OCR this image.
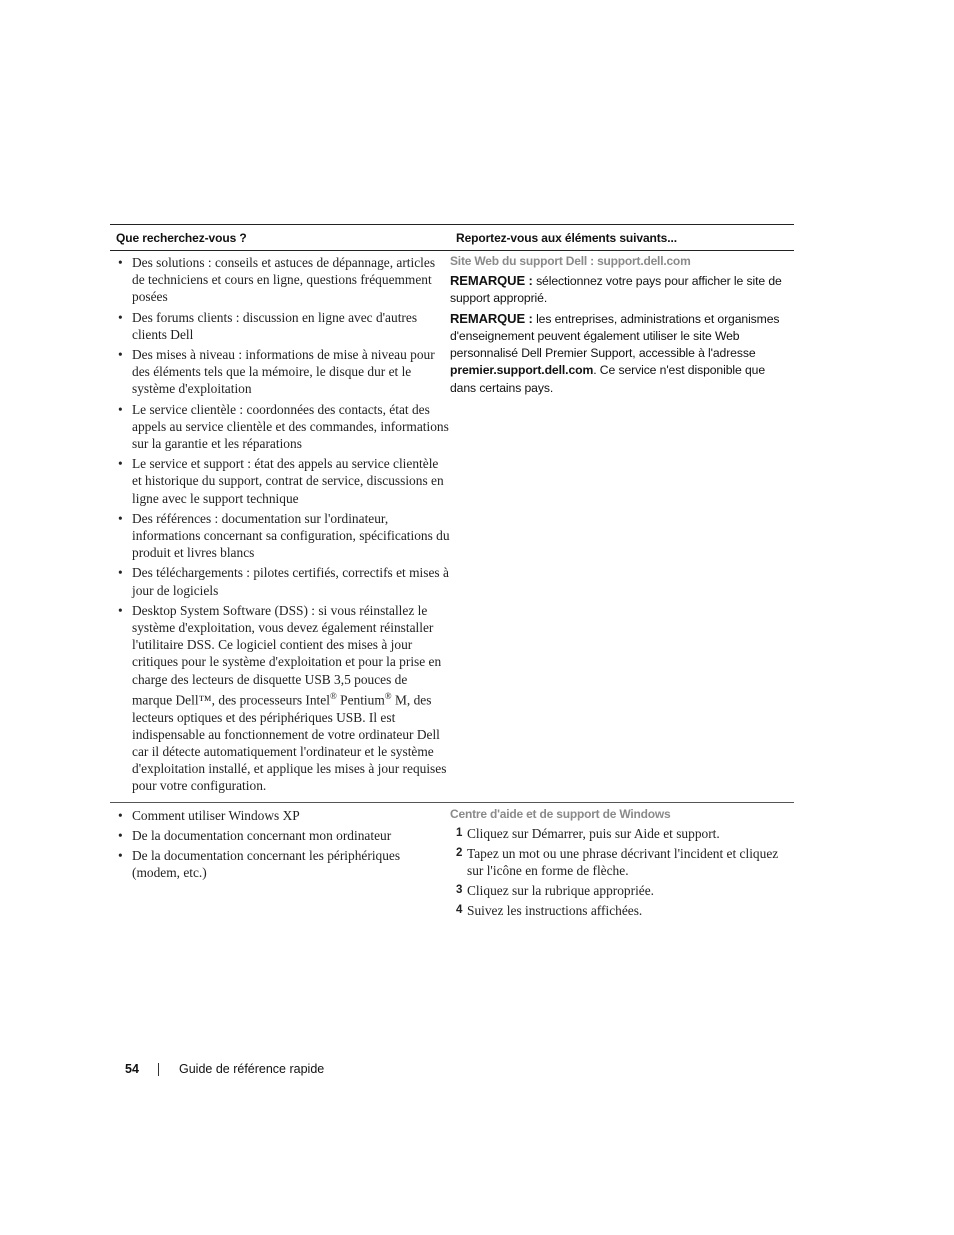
Que recherchez-vous ?	Reportez-vous aux éléments suivants...
• Des solutions : conseils et astuces de dépannage, articles de techniciens et cours en ligne, questions fréquemment posées
• Des forums clients : discussion en ligne avec d'autres clients Dell
• Des mises à niveau : informations de mise à niveau pour des éléments tels que la mémoire, le disque dur et le système d'exploitation
• Le service clientèle : coordonnées des contacts, état des appels au service clientèle et des commandes, informations sur la garantie et les réparations
• Le service et support : état des appels au service clientèle et historique du support, contrat de service, discussions en ligne avec le support technique
• Des références : documentation sur l'ordinateur, informations concernant sa configuration, spécifications du produit et livres blancs
• Des téléchargements : pilotes certifiés, correctifs et mises à jour de logiciels
• Desktop System Software (DSS) : si vous réinstallez le système d'exploitation, vous devez également réinstaller l'utilitaire DSS. Ce logiciel contient des mises à jour critiques pour le système d'exploitation et pour la prise en charge des lecteurs de disquette USB 3,5 pouces de marque Dell™, des processeurs Intel® Pentium® M, des lecteurs optiques et des périphériques USB. Il est indispensable au fonctionnement de votre ordinateur Dell car il détecte automatiquement l'ordinateur et le système d'exploitation installé, et applique les mises à jour requises pour votre configuration.
Site Web du support Dell : support.dell.com
REMARQUE : sélectionnez votre pays pour afficher le site de support approprié.
REMARQUE : les entreprises, administrations et organismes d'enseignement peuvent également utiliser le site Web personnalisé Dell Premier Support, accessible à l'adresse premier.support.dell.com. Ce service n'est disponible que dans certains pays.
• Comment utiliser Windows XP
• De la documentation concernant mon ordinateur
• De la documentation concernant les périphériques (modem, etc.)
Centre d'aide et de support de Windows
1 Cliquez sur Démarrer, puis sur Aide et support.
2 Tapez un mot ou une phrase décrivant l'incident et cliquez sur l'icône en forme de flèche.
3 Cliquez sur la rubrique appropriée.
4 Suivez les instructions affichées.
54	Guide de référence rapide
